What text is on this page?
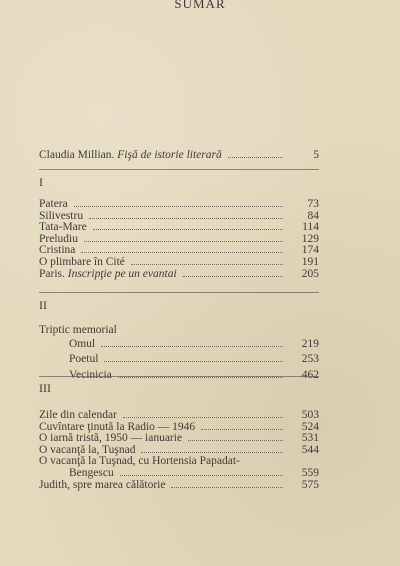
SUMAR
Claudia Millian. Fişă de istorie literară	5
I
Patera	73
Silivestru	84
Tata-Mare	114
Preludiu	129
Cristina	174
O plimbare în Cité	191
Paris. Inscripţie pe un evantai	205
II
Triptic memorial
Omul	219
Poetul	253
Vecinicia	462
III
Zile din calendar	503
Cuvîntare ţinută la Radio — 1946	524
O iarnă tristă, 1950 — ianuarie	531
O vacanţă la, Tuşnad	544
O vacanţă la Tuşnad, cu Hortensia Papadat-
Bengescu	559
Judith, spre marea călătorie	575
